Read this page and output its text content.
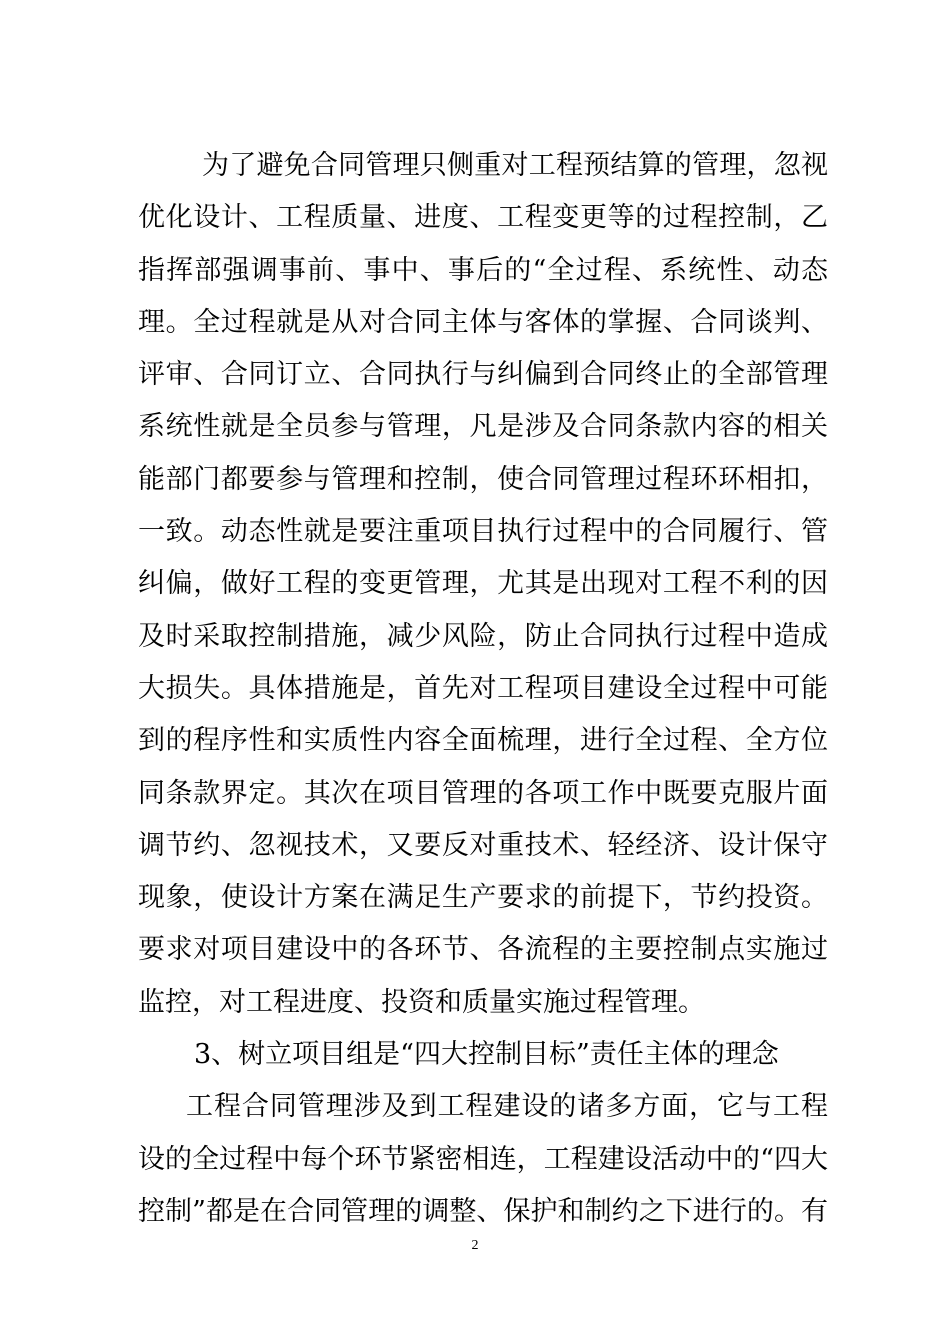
为了避免合同管理只侧重对工程预结算的管理，忽视
优化设计、工程质量、进度、工程变更等的过程控制，乙
指挥部强调事前、事中、事后的“全过程、系统性、动态
理。全过程就是从对合同主体与客体的掌握、合同谈判、
评审、合同订立、合同执行与纠偏到合同终止的全部管理
系统性就是全员参与管理，凡是涉及合同条款内容的相关
能部门都要参与管理和控制，使合同管理过程环环相扣，
一致。动态性就是要注重项目执行过程中的合同履行、管
纠偏，做好工程的变更管理，尤其是出现对工程不利的因
及时采取控制措施，减少风险，防止合同执行过程中造成
大损失。具体措施是，首先对工程项目建设全过程中可能
到的程序性和实质性内容全面梳理，进行全过程、全方位
同条款界定。其次在项目管理的各项工作中既要克服片面
调节约、忽视技术，又要反对重技术、轻经济、设计保守
现象，使设计方案在满足生产要求的前提下，节约投资。
要求对项目建设中的各环节、各流程的主要控制点实施过
监控，对工程进度、投资和质量实施过程管理。
3、树立项目组是“四大控制目标”责任主体的理念
工程合同管理涉及到工程建设的诸多方面，它与工程
设的全过程中每个环节紧密相连，工程建设活动中的“四大
控制”都是在合同管理的调整、保护和制约之下进行的。有
2
